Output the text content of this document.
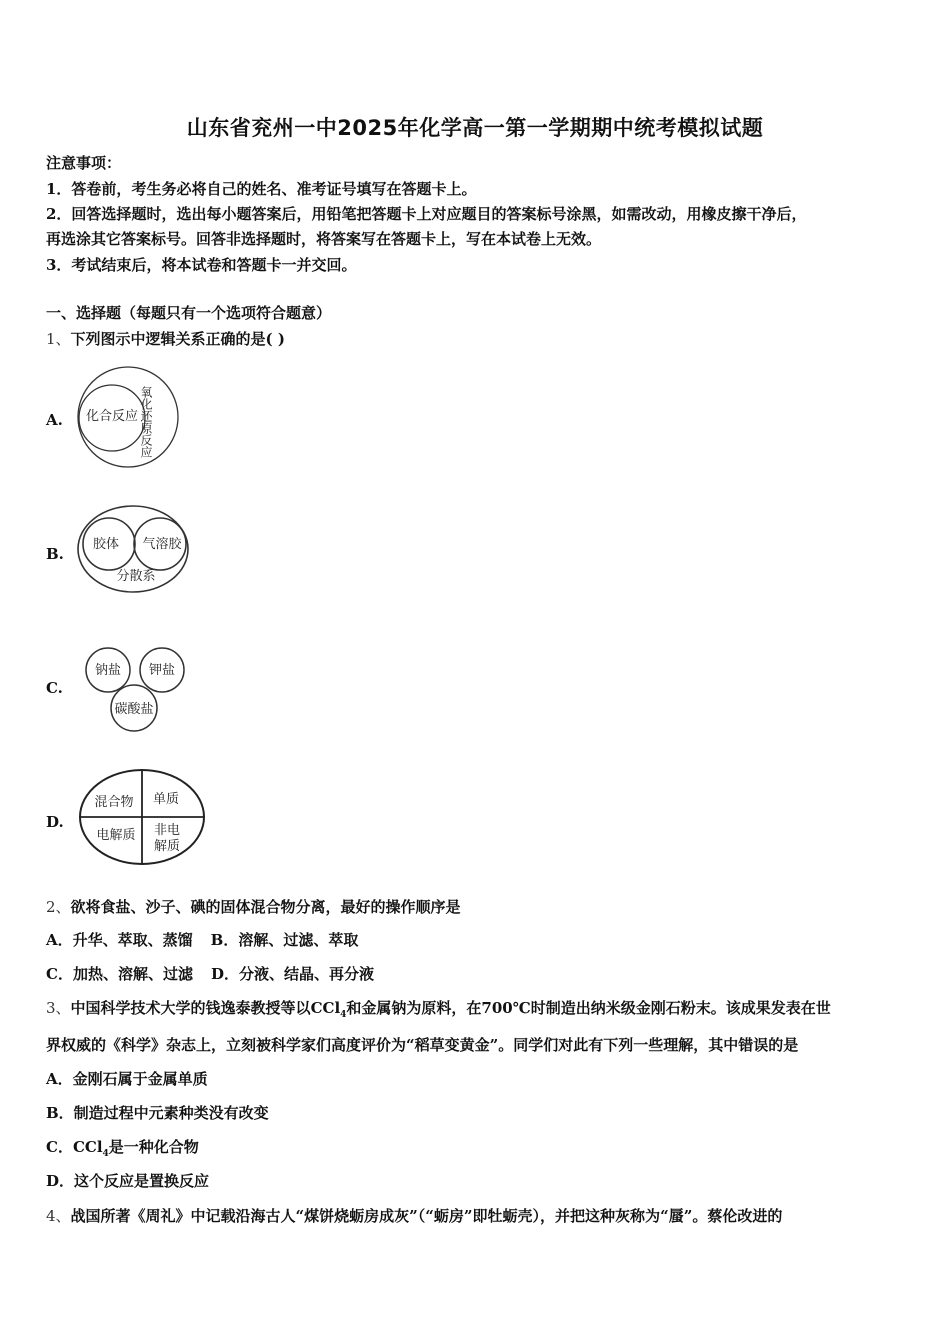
山东省兖州一中2025年化学高一第一学期期中统考模拟试题
注意事项：
1．答卷前，考生务必将自己的姓名、准考证号填写在答题卡上。
2．回答选择题时，选出每小题答案后，用铅笔把答题卡上对应题目的答案标号涂黑，如需改动，用橡皮擦干净后，
再选涂其它答案标号。回答非选择题时，将答案写在答题卡上，写在本试卷上无效。
3．考试结束后，将本试卷和答题卡一并交回。
一、选择题（每题只有一个选项符合题意）
1、下列图示中逻辑关系正确的是( )
A. 化合反应 氧化还原反应
B.
胶体 气溶胶
分散系
C.
钠盐 钾盐
碳酸盐
D.
混合物 单质
电解质 非电
解质
2、欲将食盐、沙子、碘的固体混合物分离，最好的操作顺序是
A．升华、萃取、蒸馏 B．溶解、过滤、萃取
C．加热、溶解、过滤 D．分液、结晶、再分液
3、中国科学技术大学的钱逸泰教授等以CCl$_4$和金属钠为原料，在700℃时制造出纳米级金刚石粉末。该成果发表在世
界权威的《科学》杂志上，立刻被科学家们高度评价为“稻草变黄金”。同学们对此有下列一些理解，其中错误的是
A．金刚石属于金属单质
B．制造过程中元素种类没有改变
C．CCl$_4$是一种化合物
D．这个反应是置换反应
4、战国所著《周礼》中记载沿海古人“煤饼烧蛎房成灰”（“蛎房”即牡蛎壳），并把这种灰称为“蜃”。蔡伦改进的
